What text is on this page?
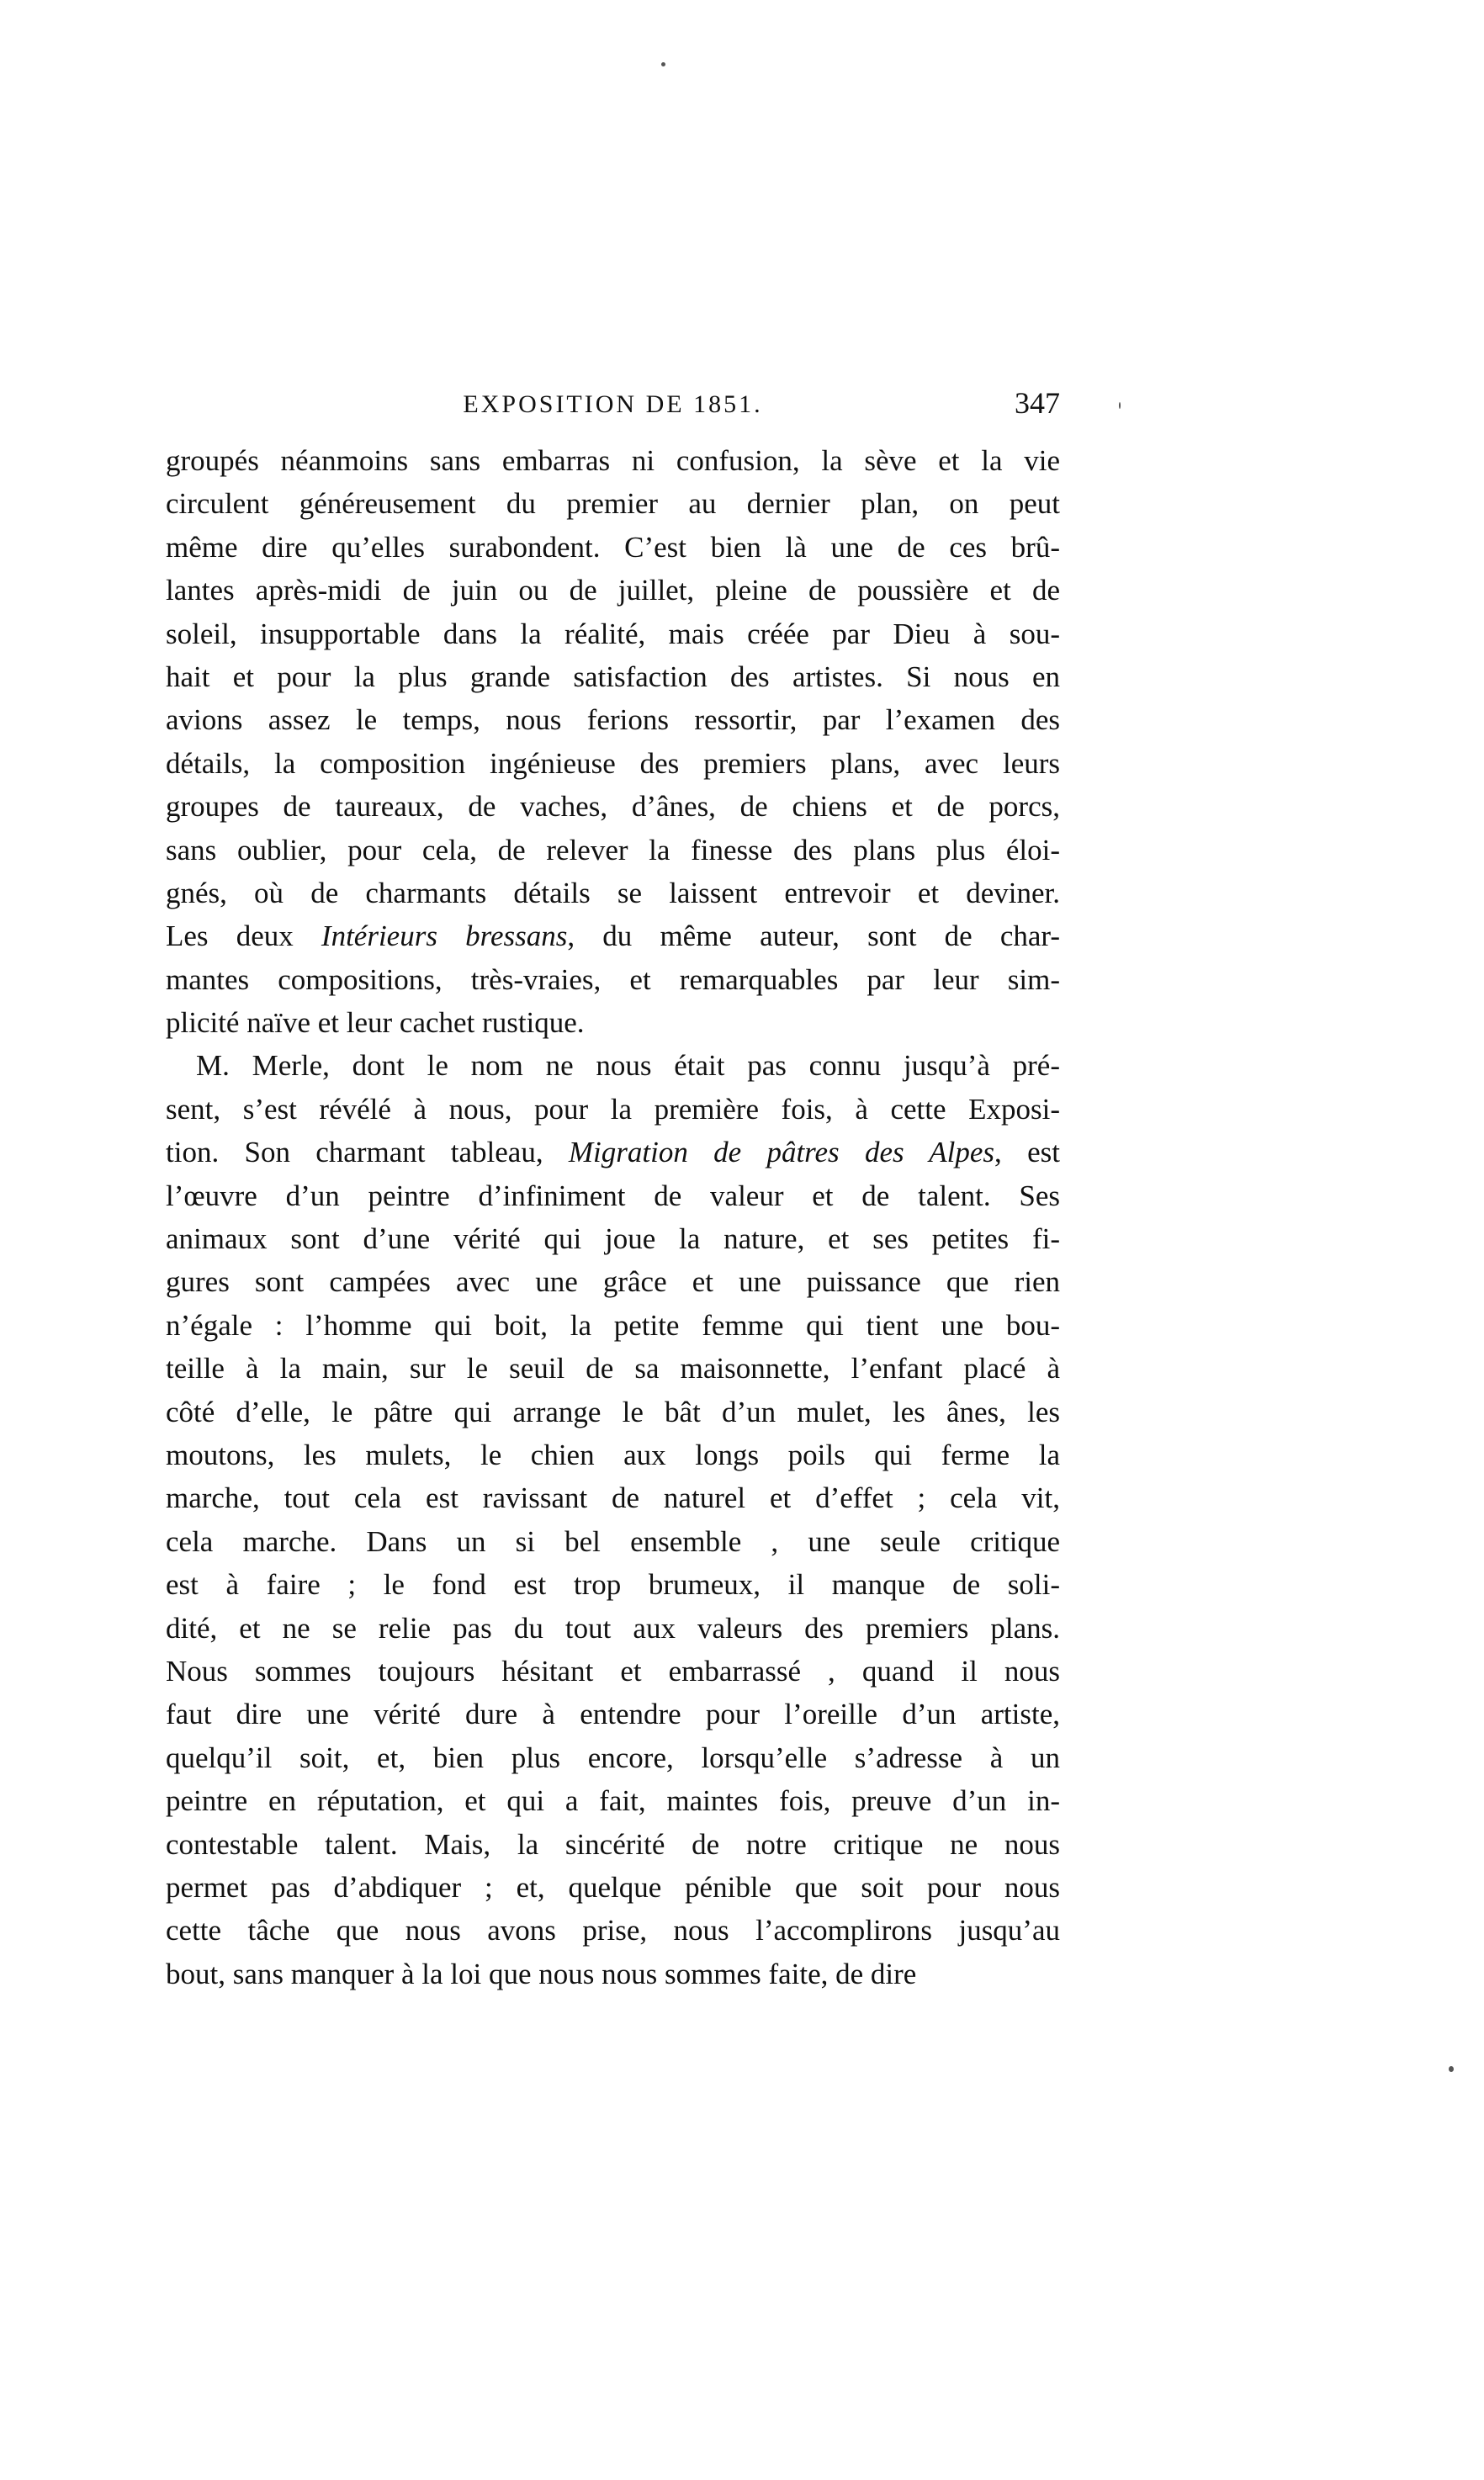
EXPOSITION DE 1851.	347
groupés néanmoins sans embarras ni confusion, la sève et la vie
circulent généreusement du premier au dernier plan, on peut
même dire qu’elles surabondent. C’est bien là une de ces brû-
lantes après-midi de juin ou de juillet, pleine de poussière et de
soleil, insupportable dans la réalité, mais créée par Dieu à sou-
hait et pour la plus grande satisfaction des artistes. Si nous en
avions assez le temps, nous ferions ressortir, par l’examen des
détails, la composition ingénieuse des premiers plans, avec leurs
groupes de taureaux, de vaches, d’ânes, de chiens et de porcs,
sans oublier, pour cela, de relever la finesse des plans plus éloi-
gnés, où de charmants détails se laissent entrevoir et deviner.
Les deux Intérieurs bressans, du même auteur, sont de char-
mantes compositions, très-vraies, et remarquables par leur sim-
plicité naïve et leur cachet rustique.
M. Merle, dont le nom ne nous était pas connu jusqu’à pré-
sent, s’est révélé à nous, pour la première fois, à cette Exposi-
tion. Son charmant tableau, Migration de pâtres des Alpes, est
l’œuvre d’un peintre d’infiniment de valeur et de talent. Ses
animaux sont d’une vérité qui joue la nature, et ses petites fi-
gures sont campées avec une grâce et une puissance que rien
n’égale : l’homme qui boit, la petite femme qui tient une bou-
teille à la main, sur le seuil de sa maisonnette, l’enfant placé à
côté d’elle, le pâtre qui arrange le bât d’un mulet, les ânes, les
moutons, les mulets, le chien aux longs poils qui ferme la
marche, tout cela est ravissant de naturel et d’effet ; cela vit,
cela marche. Dans un si bel ensemble , une seule critique
est à faire ; le fond est trop brumeux, il manque de soli-
dité, et ne se relie pas du tout aux valeurs des premiers plans.
Nous sommes toujours hésitant et embarrassé , quand il nous
faut dire une vérité dure à entendre pour l’oreille d’un artiste,
quelqu’il soit, et, bien plus encore, lorsqu’elle s’adresse à un
peintre en réputation, et qui a fait, maintes fois, preuve d’un in-
contestable talent. Mais, la sincérité de notre critique ne nous
permet pas d’abdiquer ; et, quelque pénible que soit pour nous
cette tâche que nous avons prise, nous l’accomplirons jusqu’au
bout, sans manquer à la loi que nous nous sommes faite, de dire
